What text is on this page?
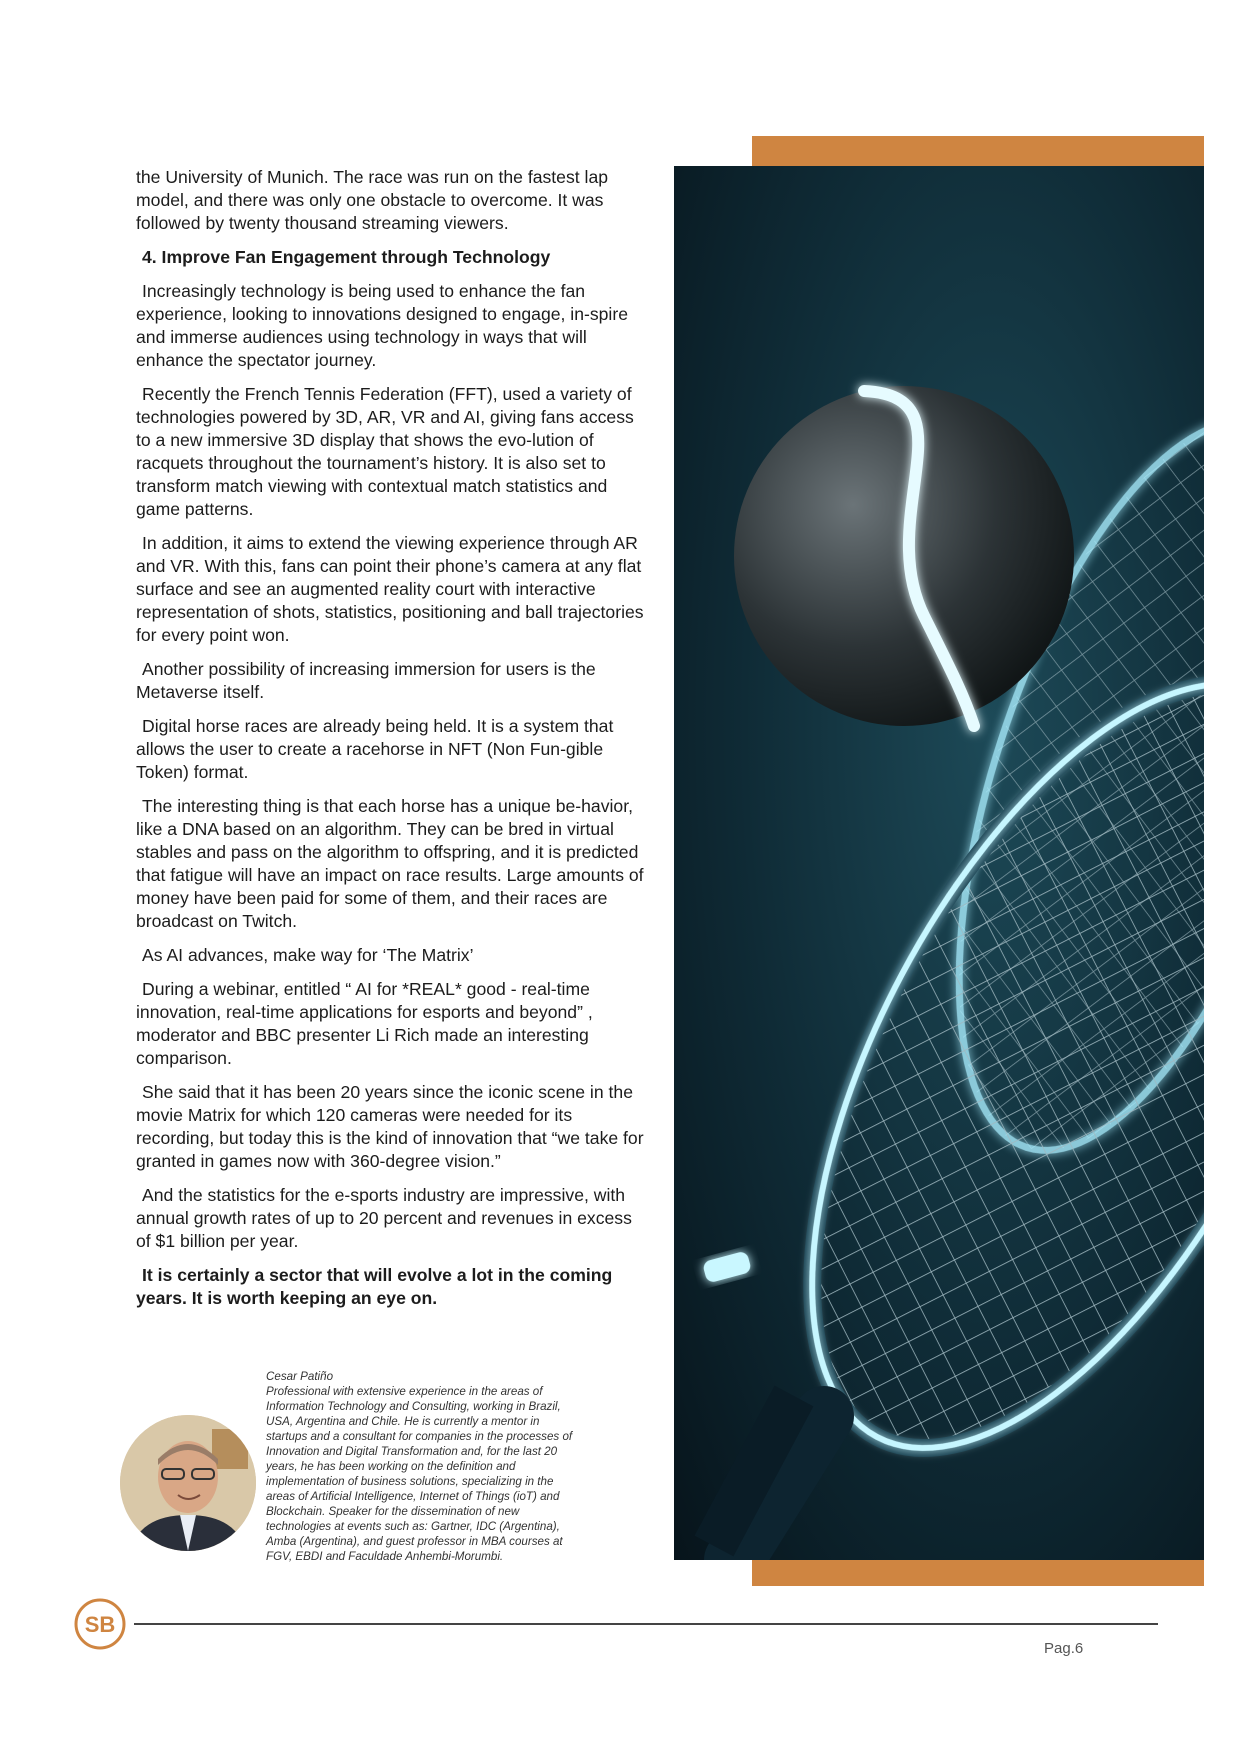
the University of Munich. The race was run on the fastest lap model, and there was only one obstacle to overcome. It was followed by twenty thousand streaming viewers.

4. Improve Fan Engagement through Technology

Increasingly technology is being used to enhance the fan experience, looking to innovations designed to engage, in-spire and immerse audiences using technology in ways that will enhance the spectator journey.

Recently the French Tennis Federation (FFT), used a variety of technologies powered by 3D, AR, VR and AI, giving fans access to a new immersive 3D display that shows the evo-lution of racquets throughout the tournament’s history. It is also set to transform match viewing with contextual match statistics and game patterns.

In addition, it aims to extend the viewing experience through AR and VR. With this, fans can point their phone’s camera at any flat surface and see an augmented reality court with interactive representation of shots, statistics, positioning and ball trajectories for every point won.

Another possibility of increasing immersion for users is the Metaverse itself.

Digital horse races are already being held. It is a system that allows the user to create a racehorse in NFT (Non Fun-gible Token) format.

The interesting thing is that each horse has a unique be-havior, like a DNA based on an algorithm. They can be bred in virtual stables and pass on the algorithm to offspring, and it is predicted that fatigue will have an impact on race results. Large amounts of money have been paid for some of them, and their races are broadcast on Twitch.

As AI advances, make way for ‘The Matrix’

During a webinar, entitled “ AI for *REAL* good - real-time innovation, real-time applications for esports and beyond” , moderator and BBC presenter Li Rich made an interesting comparison.

She said that it has been 20 years since the iconic scene in the movie Matrix for which 120 cameras were needed for its recording, but today this is the kind of innovation that “we take for granted in games now with 360-degree vision.”

And the statistics for the e-sports industry are impressive, with annual growth rates of up to 20 percent and revenues in excess of $1 billion per year.

It is certainly a sector that will evolve a lot in the coming years. It is worth keeping an eye on.

Cesar Patiño
Professional with extensive experience in the areas of Information Technology and Consulting, working in Brazil, USA, Argentina and Chile. He is currently a mentor in startups and a consultant for companies in the processes of Innovation and Digital Transformation and, for the last 20 years, he has been working on the definition and implementation of business solutions, specializing in the areas of Artificial Intelligence, Internet of Things (ioT) and Blockchain. Speaker for the dissemination of new technologies at events such as: Gartner, IDC (Argentina), Amba (Argentina), and guest professor in MBA courses at FGV, EBDI and Faculdade Anhembi-Morumbi.
SB
Pag.6
